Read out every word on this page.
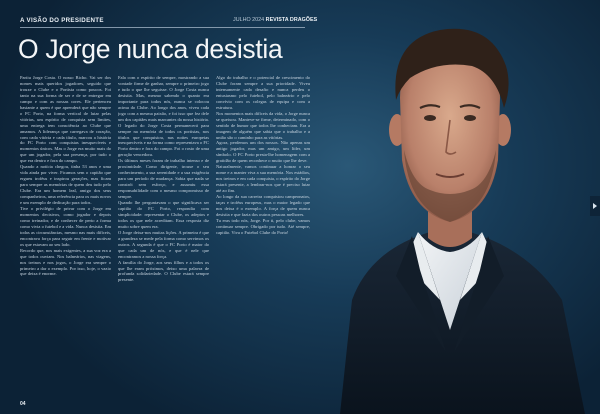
A VISÃO DO PRESIDENTE	JULHO 2024 REVISTA DRAGÕES
O Jorge nunca desistia

Partiu Jorge Costa. O nosso Bicho. Vai ser dos nomes mais queridos jogadores, seguido que trouxe o Clube e o Portista como poucos. Foi tanto na sua forma de ser e de se entregar em campo e com as nossas cores. Ele pertenceu bastante a quem é que aprenderá que não sempre o FC Porto, na forma vertical de lutar pelas vitórias, um espírito de conquista sem limites, uma entrega tem consciência ao Clube que amamos. A liderança que carregava de coração, com cada vitória e cada título, marcou a história do FC Porto com conquistas inesquecíveis e momentos únicos. Mas o Jorge era muito mais do que um jogador, pela sua presença, por tudo o que era dentro e fora do campo.

Quando a notícia chegou, tinha 53 anos e uma vida ainda por viver. Ficamos sem o capitão que ergueu troféus e inspirou gerações, mas ficam para sempre as memórias de quem deu tudo pelo Clube. Era um homem leal, amigo dos seus companheiros, uma referência para os mais novos e um exemplo de dedicação para todos.

Tive o privilégio de privar com o Jorge em momentos decisivos, como jogador e depois como treinador, e de conhecer de perto a forma como vivia o futebol e a vida. Nunca desistia. Em todas as circunstâncias, mesmo nas mais difíceis, encontrava força para seguir em frente e motivar os que estavam ao seu lado.

Recordo que, nos mais exigentes, a sua voz era a que todos ouviam. Nos balneários, nas viagens, nos treinos e nos jogos, o Jorge era sempre o primeiro a dar o exemplo. Por isso, hoje, o vazio que deixa é enorme.

Fala com o espírito de sempre, mostrando a sua vontade firme de ganhar, sempre o primeiro jogo e tudo o que lhe seguisse. O Jorge Costa nunca desistia. Mas, mesmo sabendo o quanto era importante para todos nós, nunca se colocou acima do Clube. Ao longo dos anos, viveu cada jogo com a mesma paixão, e foi isso que fez dele um dos capitães mais marcantes da nossa história.

O legado do Jorge Costa permanecerá para sempre na memória de todos os portistas, nos títulos que conquistou, nas noites europeias inesquecíveis e na forma como representava o FC Porto dentro e fora do campo. Foi o rosto de uma geração vencedora.

Os últimos meses foram de trabalho intenso e de proximidade. Como dirigente, trouxe o seu conhecimento, a sua serenidade e a sua exigência para um período de mudança. Sabia que nada se constrói sem esforço, e assumiu essa responsabilidade com o mesmo compromisso de sempre.

Quando lhe perguntavam o que significava ser capitão do FC Porto, respondia com simplicidade: representar o Clube, os adeptos e todos os que nele acreditam. Essa resposta diz muito sobre quem era.

O Jorge deixa-nos muitas lições. A primeira é que a grandeza se mede pela forma como servimos os outros. A segunda é que o FC Porto é maior do que cada um de nós, e que é nele que encontramos a nossa força.

A família do Jorge, aos seus filhos e a todos os que lhe eram próximos, deixo uma palavra de profunda solidariedade. O Clube estará sempre presente.

Algo do trabalho e o potencial de crescimento do Clube foram sempre a sua prioridade. Viveu intensamente cada desafio e nunca perdeu o entusiasmo pelo futebol, pelo balneário e pelo convívio com os colegas de equipa e com a estrutura.

Nos momentos mais difíceis da vida, o Jorge nunca se queixou. Manteve-se firme, determinado, com o sentido de humor que todos lhe conheciam. Era a imagem de alguém que sabia que o trabalho e a união são o caminho para as vitórias.

Agora, perdemos um dos nossos. Não apenas um antigo jogador, mas um amigo, um líder, um símbolo. O FC Porto presta-lhe homenagem com a gratidão de quem reconhece o muito que lhe deve.

Naturalmente, vamos continuar a honrar o seu nome e a manter viva a sua memória. Nos estádios, nos treinos e em cada conquista, o espírito do Jorge estará presente, a lembrar-nos que é preciso lutar até ao fim.

Ao longo da sua carreira conquistou campeonatos, taças e troféus europeus, mas o maior legado que nos deixa é o exemplo. A força de quem nunca desistia e que fazia dos outros pessoas melhores.

Tu eras todo nós, Jorge. Por ti, pelo clube, vamos continuar sempre. Obrigado por tudo. Até sempre, capitão. Viva o Futebol Clube do Porto!

04
